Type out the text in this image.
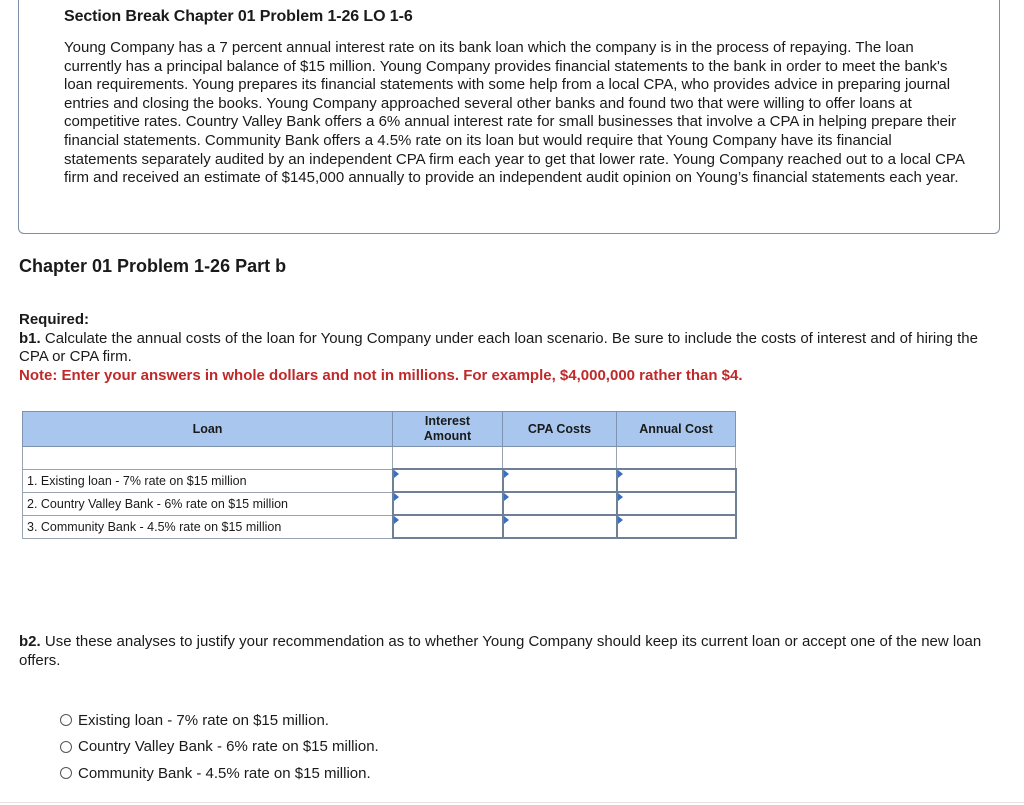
Section Break Chapter 01 Problem 1-26 LO 1-6

Young Company has a 7 percent annual interest rate on its bank loan which the company is in the process of repaying. The loan currently has a principal balance of $15 million. Young Company provides financial statements to the bank in order to meet the bank's loan requirements. Young prepares its financial statements with some help from a local CPA, who provides advice in preparing journal entries and closing the books. Young Company approached several other banks and found two that were willing to offer loans at competitive rates. Country Valley Bank offers a 6% annual interest rate for small businesses that involve a CPA in helping prepare their financial statements. Community Bank offers a 4.5% rate on its loan but would require that Young Company have its financial statements separately audited by an independent CPA firm each year to get that lower rate. Young Company reached out to a local CPA firm and received an estimate of $145,000 annually to provide an independent audit opinion on Young’s financial statements each year.

Chapter 01 Problem 1-26 Part b
Required:
b1. Calculate the annual costs of the loan for Young Company under each loan scenario. Be sure to include the costs of interest and of hiring the CPA or CPA firm.
Note: Enter your answers in whole dollars and not in millions. For example, $4,000,000 rather than $4.
Loan	Interest
Amount	CPA Costs	Annual Cost

1. Existing loan - 7% rate on $15 million			
2. Country Valley Bank - 6% rate on $15 million			
3. Community Bank - 4.5% rate on $15 million			
b2. Use these analyses to justify your recommendation as to whether Young Company should keep its current loan or accept one of the new loan offers.
Existing loan - 7% rate on $15 million.
Country Valley Bank - 6% rate on $15 million.
Community Bank - 4.5% rate on $15 million.
